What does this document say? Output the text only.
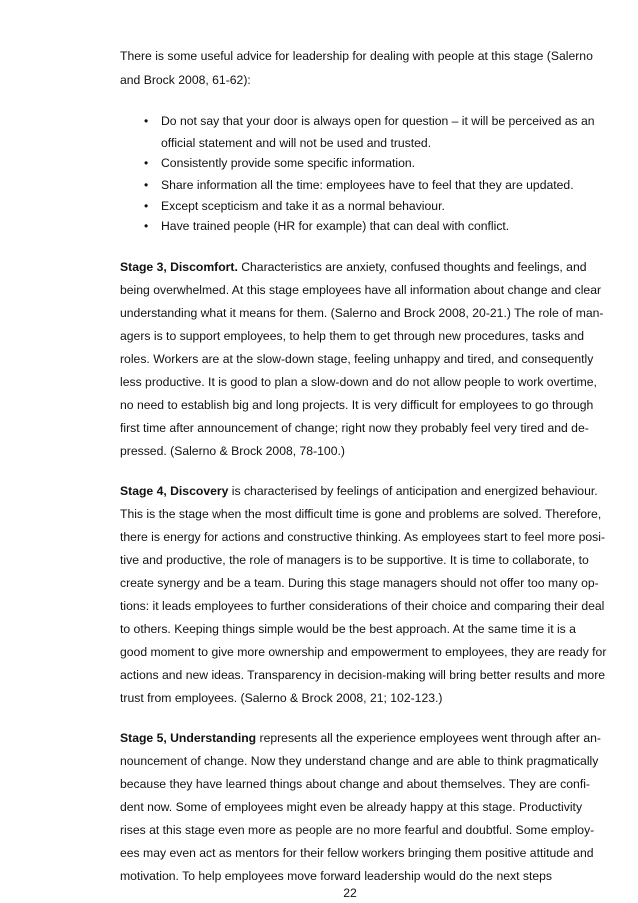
There is some useful advice for leadership for dealing with people at this stage (Salerno
and Brock 2008, 61-62):
•	Do not say that your door is always open for question – it will be perceived as an
official statement and will not be used and trusted.
•	Consistently provide some specific information.
•	Share information all the time: employees have to feel that they are updated.
•	Except scepticism and take it as a normal behaviour.
•	Have trained people (HR for example) that can deal with conflict.
Stage 3, Discomfort. Characteristics are anxiety, confused thoughts and feelings, and
being overwhelmed. At this stage employees have all information about change and clear
understanding what it means for them. (Salerno and Brock 2008, 20-21.) The role of man-
agers is to support employees, to help them to get through new procedures, tasks and
roles. Workers are at the slow-down stage, feeling unhappy and tired, and consequently
less productive. It is good to plan a slow-down and do not allow people to work overtime,
no need to establish big and long projects. It is very difficult for employees to go through
first time after announcement of change; right now they probably feel very tired and de-
pressed. (Salerno & Brock 2008, 78-100.)
Stage 4, Discovery is characterised by feelings of anticipation and energized behaviour.
This is the stage when the most difficult time is gone and problems are solved. Therefore,
there is energy for actions and constructive thinking. As employees start to feel more posi-
tive and productive, the role of managers is to be supportive. It is time to collaborate, to
create synergy and be a team. During this stage managers should not offer too many op-
tions: it leads employees to further considerations of their choice and comparing their deal
to others. Keeping things simple would be the best approach. At the same time it is a
good moment to give more ownership and empowerment to employees, they are ready for
actions and new ideas. Transparency in decision-making will bring better results and more
trust from employees. (Salerno & Brock 2008, 21; 102-123.)
Stage 5, Understanding represents all the experience employees went through after an-
nouncement of change. Now they understand change and are able to think pragmatically
because they have learned things about change and about themselves. They are confi-
dent now. Some of employees might even be already happy at this stage. Productivity
rises at this stage even more as people are no more fearful and doubtful. Some employ-
ees may even act as mentors for their fellow workers bringing them positive attitude and
motivation. To help employees move forward leadership would do the next steps
22
